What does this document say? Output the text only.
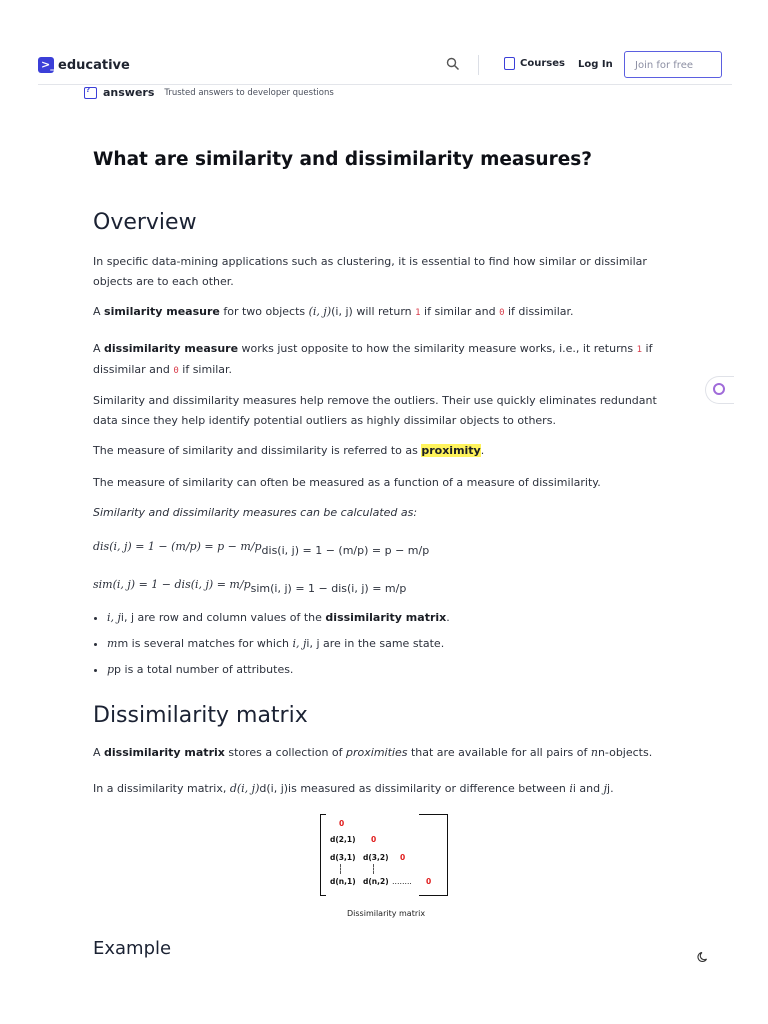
>_ educative	Courses Log In	Join for free
? answers Trusted answers to developer questions
What are similarity and dissimilarity measures?
Overview

In specific data-mining applications such as clustering, it is essential to find how similar or dissimilar objects are to each other.

A similarity measure for two objects (i, j)(i, j) will return 1 if similar and 0 if dissimilar.

A dissimilarity measure works just opposite to how the similarity measure works, i.e., it returns 1 if dissimilar and 0 if similar.

Similarity and dissimilarity measures help remove the outliers. Their use quickly eliminates redundant data since they help identify potential outliers as highly dissimilar objects to others.

The measure of similarity and dissimilarity is referred to as proximity.

The measure of similarity can often be measured as a function of a measure of dissimilarity.

Similarity and dissimilarity measures can be calculated as:

dis(i, j) = 1 − (m/p) = p − m/pdis(i, j) = 1 − (m/p) = p − m/p

sim(i, j) = 1 − dis(i, j) = m/psim(i, j) = 1 − dis(i, j) = m/p

• i, ji, j are row and column values of the dissimilarity matrix.
• mm is several matches for which i, ji, j are in the same state.
• pp is a total number of attributes.
Dissimilarity matrix

A dissimilarity matrix stores a collection of proximities that are available for all pairs of nn-objects.

In a dissimilarity matrix, d(i, j)d(i, j)is measured as dissimilarity or difference between ii and jj.

0
d(2,1) 0
d(3,1) d(3,2) 0
d(n,1) d(n,2) …….. 0
Dissimilarity matrix
Example
